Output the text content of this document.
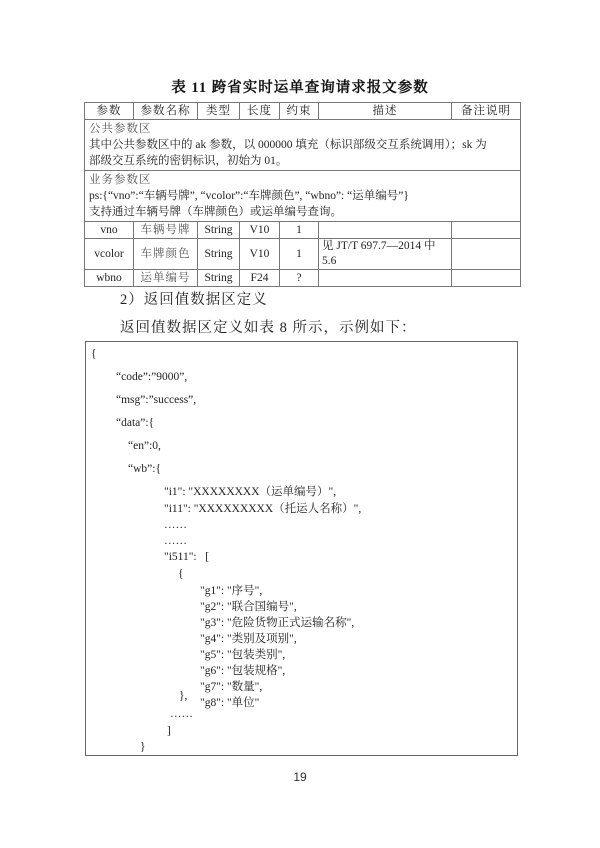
表 11 跨省实时运单查询请求报文参数
参数	参数名称	类型	长度	约束	描述	备注说明

公共参数区
其中公共参数区中的 ak 参数，以 000000 填充（标识部级交互系统调用）；sk 为
部级交互系统的密钥标识，初始为 01。						

业务参数区
ps:{“vno”:“车辆号牌”, “vcolor”:“车牌颜色”, “wbno”: “运单编号”}
支持通过车辆号牌（车牌颜色）或运单编号查询。						

vno	车辆号牌	String	V10	1		
vcolor	车牌颜色	String	V10	1	见 JT/T 697.7—2014 中
5.6	

wbno	运单编号	String	F24	?		
2）返回值数据区定义
返回值数据区定义如表 8 所示，示例如下：
{
“code”:”9000”,
“msg”:”success”,
“data”:{
“en”:0,
“wb”:{
"i1": "XXXXXXXX（运单编号）",
"i11": "XXXXXXXXX（托运人名称）",
……
……
"i511":   [
{
"g1": "序号",
"g2": "联合国编号",
"g3": "危险货物正式运输名称",
"g4": "类别及项别",
"g5": "包装类别",
"g6": "包装规格",
"g7": "数量",
"g8": "单位"
},
……
]
}
19
